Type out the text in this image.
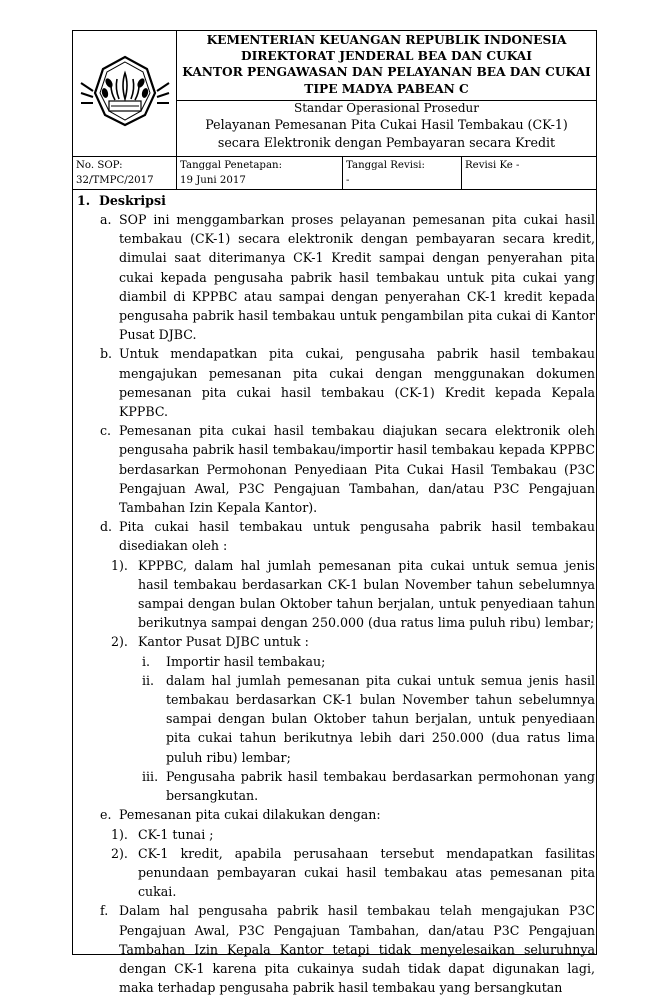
KEMENTERIAN KEUANGAN REPUBLIK INDONESIA
DIREKTORAT JENDERAL BEA DAN CUKAI
KANTOR PENGAWASAN DAN PELAYANAN BEA DAN CUKAI
TIPE MADYA PABEAN C
Standar Operasional Prosedur
Pelayanan Pemesanan Pita Cukai Hasil Tembakau (CK-1)
secara Elektronik dengan Pembayaran secara Kredit
No. SOP:
32/TMPC/2017
Tanggal Penetapan:
19 Juni 2017
Tanggal Revisi:
-
Revisi Ke -
1. Deskripsi
a. SOP ini menggambarkan proses pelayanan pemesanan pita cukai hasil tembakau (CK-1) secara elektronik dengan pembayaran secara kredit, dimulai saat diterimanya CK-1 Kredit sampai dengan penyerahan pita cukai kepada pengusaha pabrik hasil tembakau untuk pita cukai yang diambil di KPPBC atau sampai dengan penyerahan CK-1 kredit kepada pengusaha pabrik hasil tembakau untuk pengambilan pita cukai di Kantor Pusat DJBC.

b. Untuk mendapatkan pita cukai, pengusaha pabrik hasil tembakau mengajukan pemesanan pita cukai dengan menggunakan dokumen pemesanan pita cukai hasil tembakau (CK-1) Kredit kepada Kepala KPPBC.

c. Pemesanan pita cukai hasil tembakau diajukan secara elektronik oleh pengusaha pabrik hasil tembakau/importir hasil tembakau kepada KPPBC berdasarkan Permohonan Penyediaan Pita Cukai Hasil Tembakau (P3C Pengajuan Awal, P3C Pengajuan Tambahan, dan/atau P3C Pengajuan Tambahan Izin Kepala Kantor).

d. Pita cukai hasil tembakau untuk pengusaha pabrik hasil tembakau disediakan oleh :

1). KPPBC, dalam hal jumlah pemesanan pita cukai untuk semua jenis hasil tembakau berdasarkan CK-1 bulan November tahun sebelumnya sampai dengan bulan Oktober tahun berjalan, untuk penyediaan tahun berikutnya sampai dengan 250.000 (dua ratus lima puluh ribu) lembar;

2). Kantor Pusat DJBC untuk :

i. Importir hasil tembakau;

ii. dalam hal jumlah pemesanan pita cukai untuk semua jenis hasil tembakau berdasarkan CK-1 bulan November tahun sebelumnya sampai dengan bulan Oktober tahun berjalan, untuk penyediaan pita cukai tahun berikutnya lebih dari 250.000 (dua ratus lima puluh ribu) lembar;

iii. Pengusaha pabrik hasil tembakau berdasarkan permohonan yang bersangkutan.

e. Pemesanan pita cukai dilakukan dengan:

1). CK-1 tunai ;

2). CK-1 kredit, apabila perusahaan tersebut mendapatkan fasilitas penundaan pembayaran cukai hasil tembakau atas pemesanan pita cukai.

f. Dalam hal pengusaha pabrik hasil tembakau telah mengajukan P3C Pengajuan Awal, P3C Pengajuan Tambahan, dan/atau P3C Pengajuan Tambahan Izin Kepala Kantor tetapi tidak menyelesaikan seluruhnya dengan CK-1 karena pita cukainya sudah tidak dapat digunakan lagi, maka terhadap pengusaha pabrik hasil tembakau yang bersangkutan
